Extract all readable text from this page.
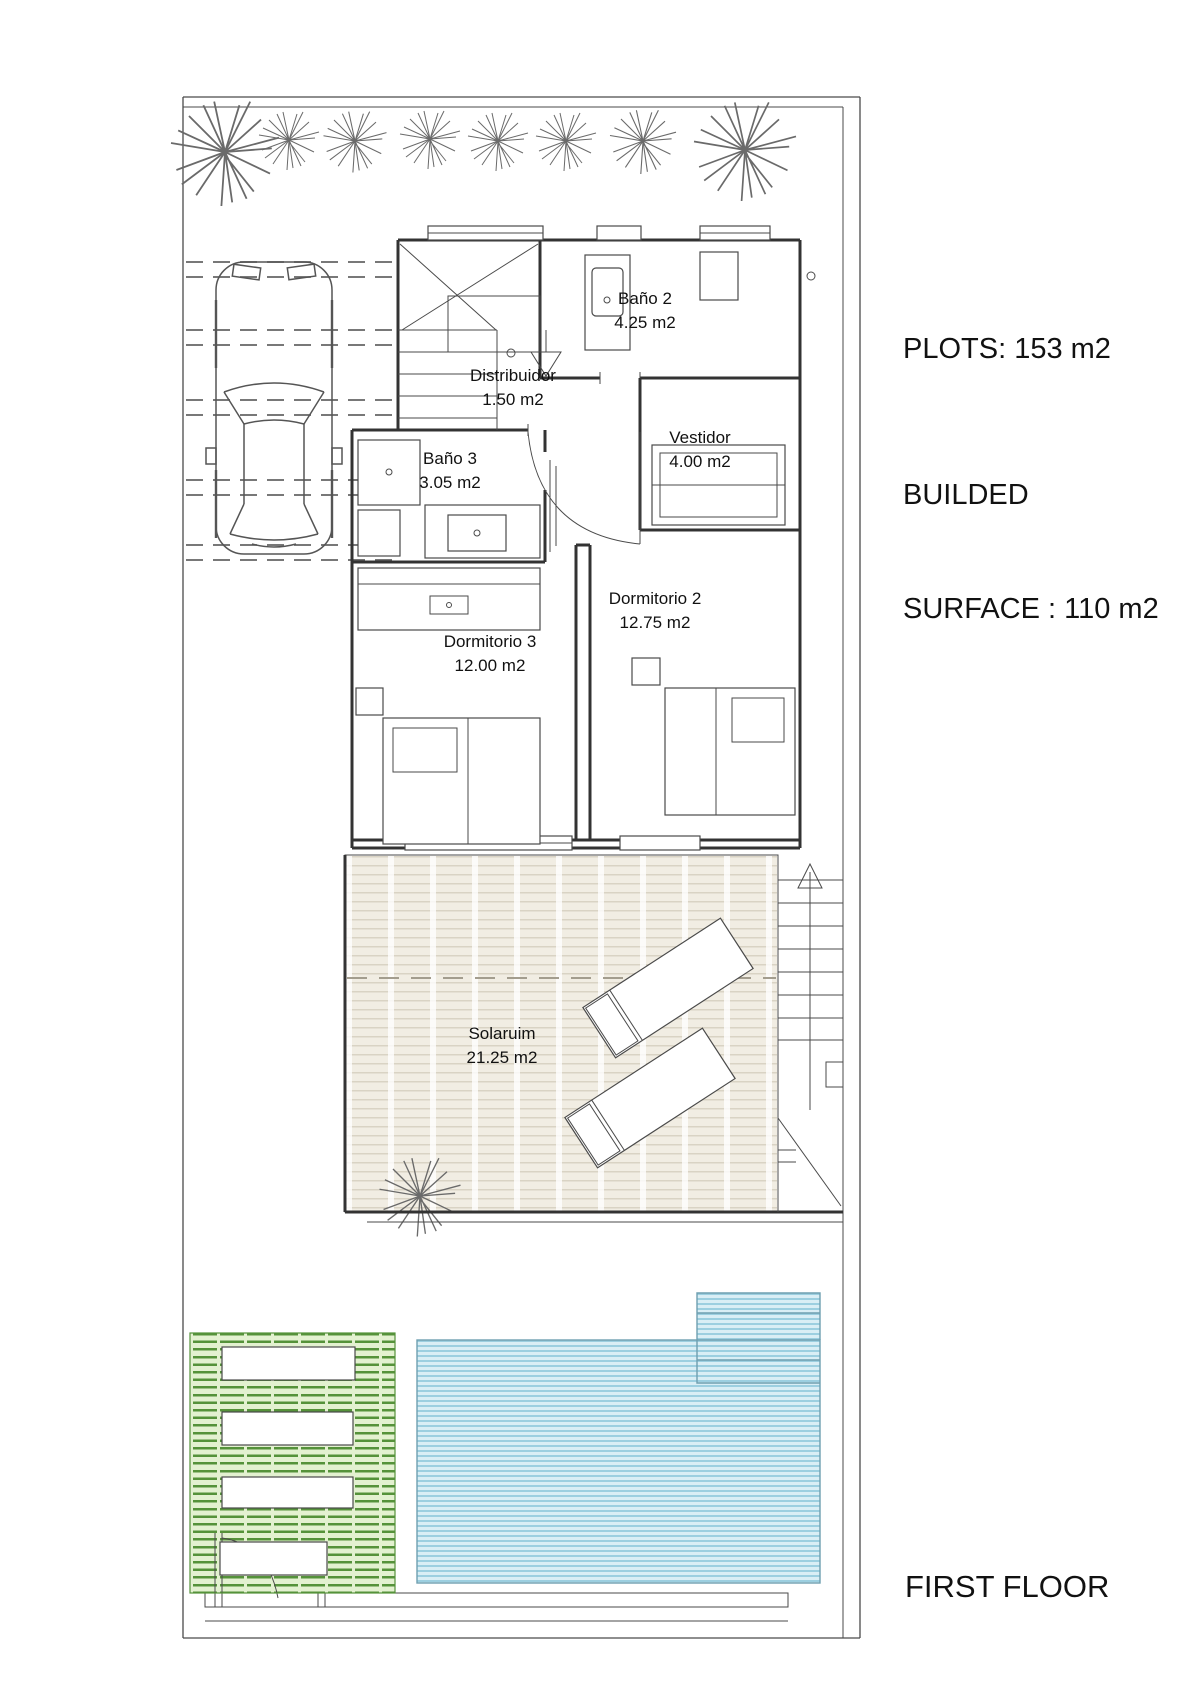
Baño 2
4.25 m2
Distribuidor
1.50 m2
Baño 3
3.05 m2
Vestidor
4.00 m2
Dormitorio 2
12.75 m2
Dormitorio 3
12.00 m2
Solaruim
21.25 m2
PLOTS: 153 m2

BUILDED

SURFACE : 110 m2

FIRST FLOOR
